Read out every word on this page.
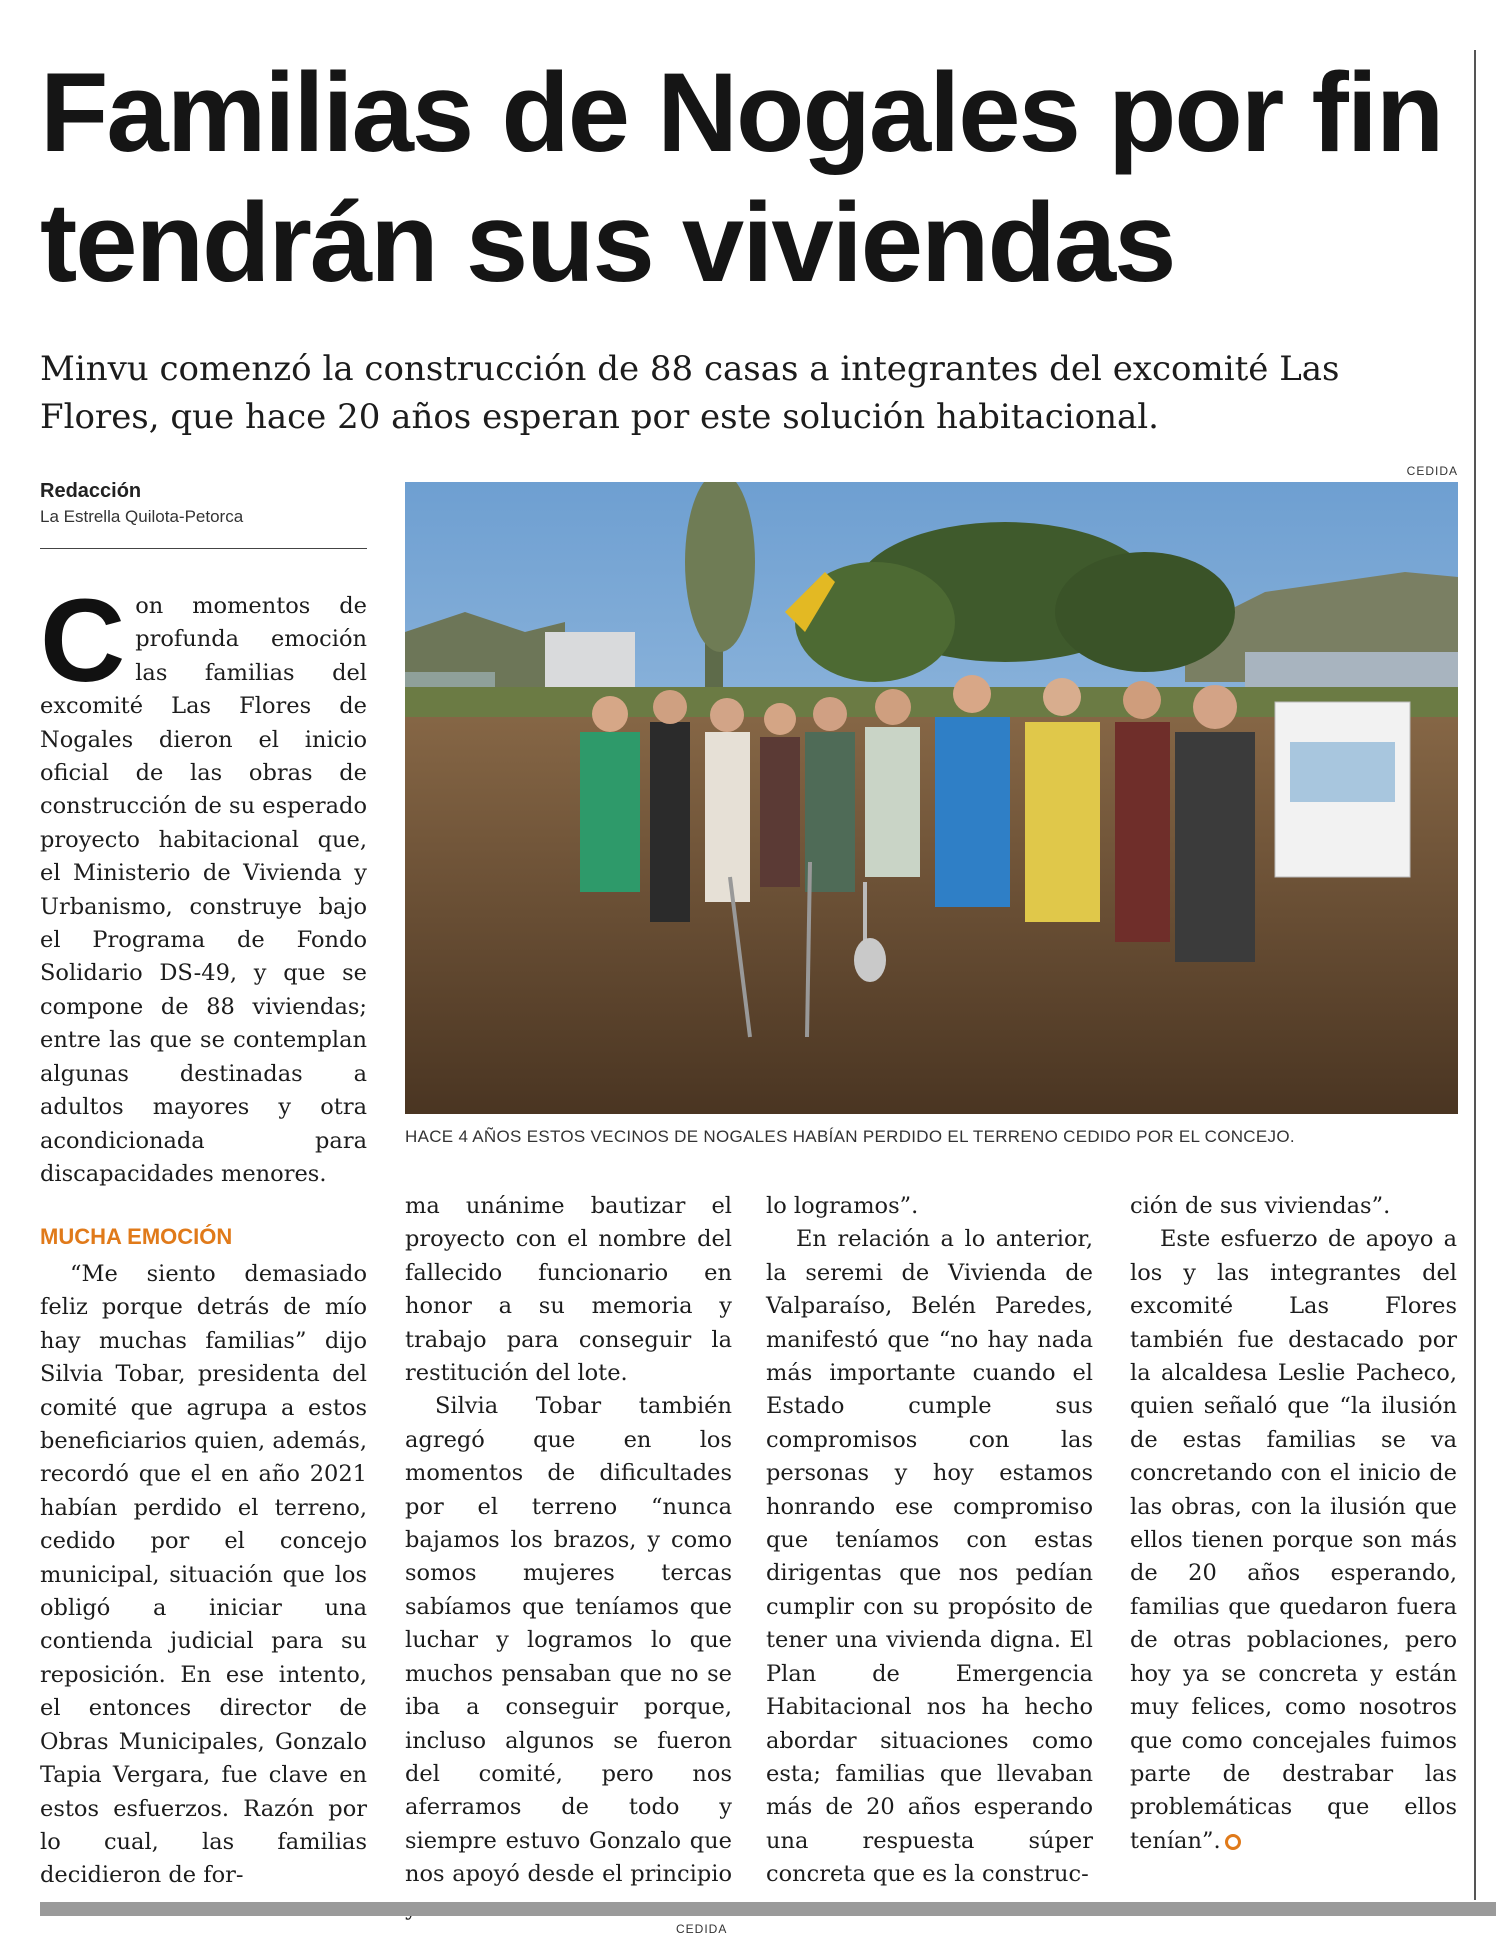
Familias de Nogales por fin tendrán sus viviendas

Minvu comenzó la construcción de 88 casas a integrantes del excomité Las Flores, que hace 20 años esperan por este solución habitacional.

CEDIDA
Redacción
La Estrella Quilota-Petorca
HACE 4 AÑOS ESTOS VECINOS DE NOGALES HABÍAN PERDIDO EL TERRENO CEDIDO POR EL CONCEJO.
C on momentos de profunda emoción las familias del excomité Las Flores de Nogales dieron el inicio oficial de las obras de construcción de su esperado proyecto habitacional que, el Ministerio de Vivienda y Urbanismo, construye bajo el Programa de Fondo Solidario DS-49, y que se compone de 88 viviendas; entre las que se contemplan algunas destinadas a adultos mayores y otra acondicionada para discapacidades menores.
MUCHA EMOCIÓN

“Me siento demasiado feliz porque detrás de mío hay muchas familias” dijo Silvia Tobar, presidenta del comité que agrupa a estos beneficiarios quien, además, recordó que el en año 2021 habían perdido el terreno, cedido por el concejo municipal, situación que los obligó a iniciar una contienda judicial para su reposición. En ese intento, el entonces director de Obras Municipales, Gonzalo Tapia Vergara, fue clave en estos esfuerzos. Razón por lo cual, las familias decidieron de for-

ma unánime bautizar el proyecto con el nombre del fallecido funcionario en honor a su memoria y trabajo para conseguir la restitución del lote.

Silvia Tobar también agregó que en los momentos de dificultades por el terreno “nunca bajamos los brazos, y como somos mujeres tercas sabíamos que teníamos que luchar y logramos lo que muchos pensaban que no se iba a conseguir porque, incluso algunos se fueron del comité, pero nos aferramos de todo y siempre estuvo Gonzalo que nos apoyó desde el principio

lo logramos”.

En relación a lo anterior, la seremi de Vivienda de Valparaíso, Belén Paredes, manifestó que “no hay nada más importante cuando el Estado cumple sus compromisos con las personas y hoy estamos honrando ese compromiso que teníamos con estas dirigentas que nos pedían cumplir con su propósito de tener una vivienda digna. El Plan de Emergencia Habitacional nos ha hecho abordar situaciones como esta; familias que llevaban más de 20 años esperando una respuesta súper concreta que es la construc-

ción de sus viviendas”.

Este esfuerzo de apoyo a los y las integrantes del excomité Las Flores también fue destacado por la alcaldesa Leslie Pacheco, quien señaló que “la ilusión de estas familias se va concretando con el inicio de las obras, con la ilusión que ellos tienen porque son más de 20 años esperando, familias que quedaron fuera de otras poblaciones, pero hoy ya se concreta y están muy felices, como nosotros que como concejales fuimos parte de destrabar las problemáticas que ellos tenían”.

CEDIDA
